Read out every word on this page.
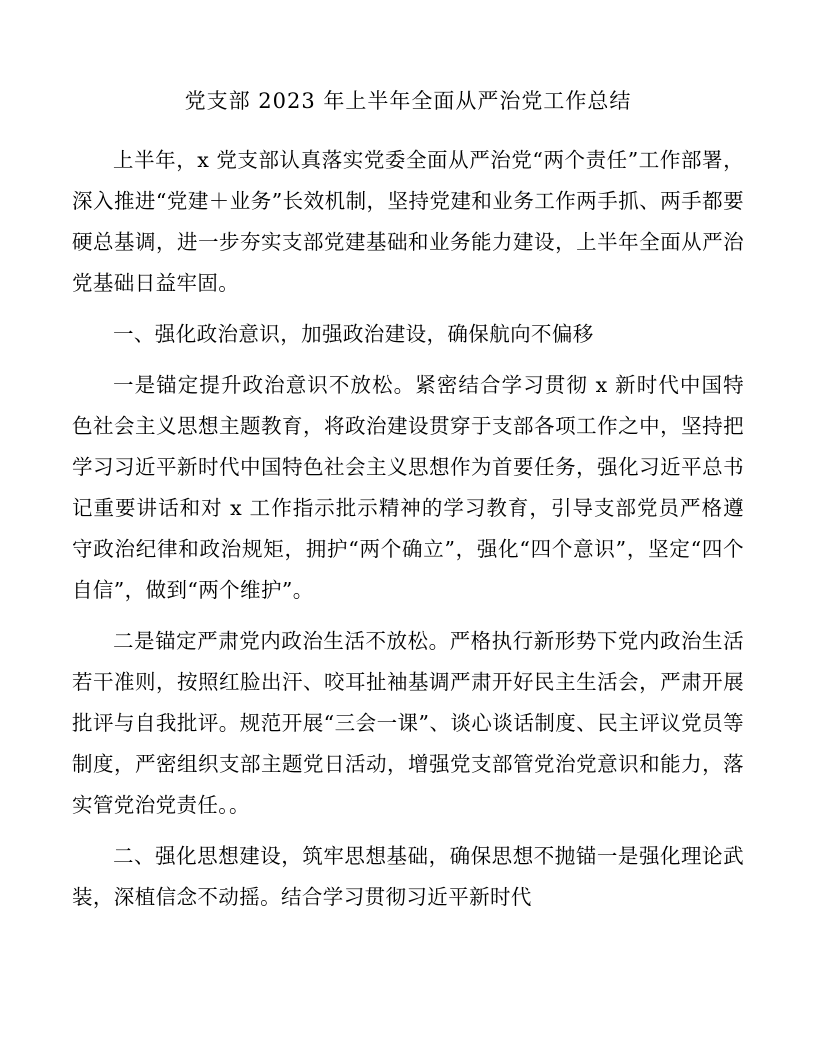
党支部 2023 年上半年全面从严治党工作总结

上半年，x 党支部认真落实党委全面从严治党“两个责任”工作部署，深入推进“党建＋业务”长效机制，坚持党建和业务工作两手抓、两手都要硬总基调，进一步夯实支部党建基础和业务能力建设，上半年全面从严治党基础日益牢固。

一、强化政治意识，加强政治建设，确保航向不偏移

一是锚定提升政治意识不放松。紧密结合学习贯彻 x 新时代中国特色社会主义思想主题教育，将政治建设贯穿于支部各项工作之中，坚持把学习习近平新时代中国特色社会主义思想作为首要任务，强化习近平总书记重要讲话和对 x 工作指示批示精神的学习教育，引导支部党员严格遵守政治纪律和政治规矩，拥护“两个确立”，强化“四个意识”，坚定“四个自信”，做到“两个维护”。

二是锚定严肃党内政治生活不放松。严格执行新形势下党内政治生活若干准则，按照红脸出汗、咬耳扯袖基调严肃开好民主生活会，严肃开展批评与自我批评。规范开展“三会一课”、谈心谈话制度、民主评议党员等制度，严密组织支部主题党日活动，增强党支部管党治党意识和能力，落实管党治党责任。。

二、强化思想建设，筑牢思想基础，确保思想不抛锚一是强化理论武装，深植信念不动摇。结合学习贯彻习近平新时代
